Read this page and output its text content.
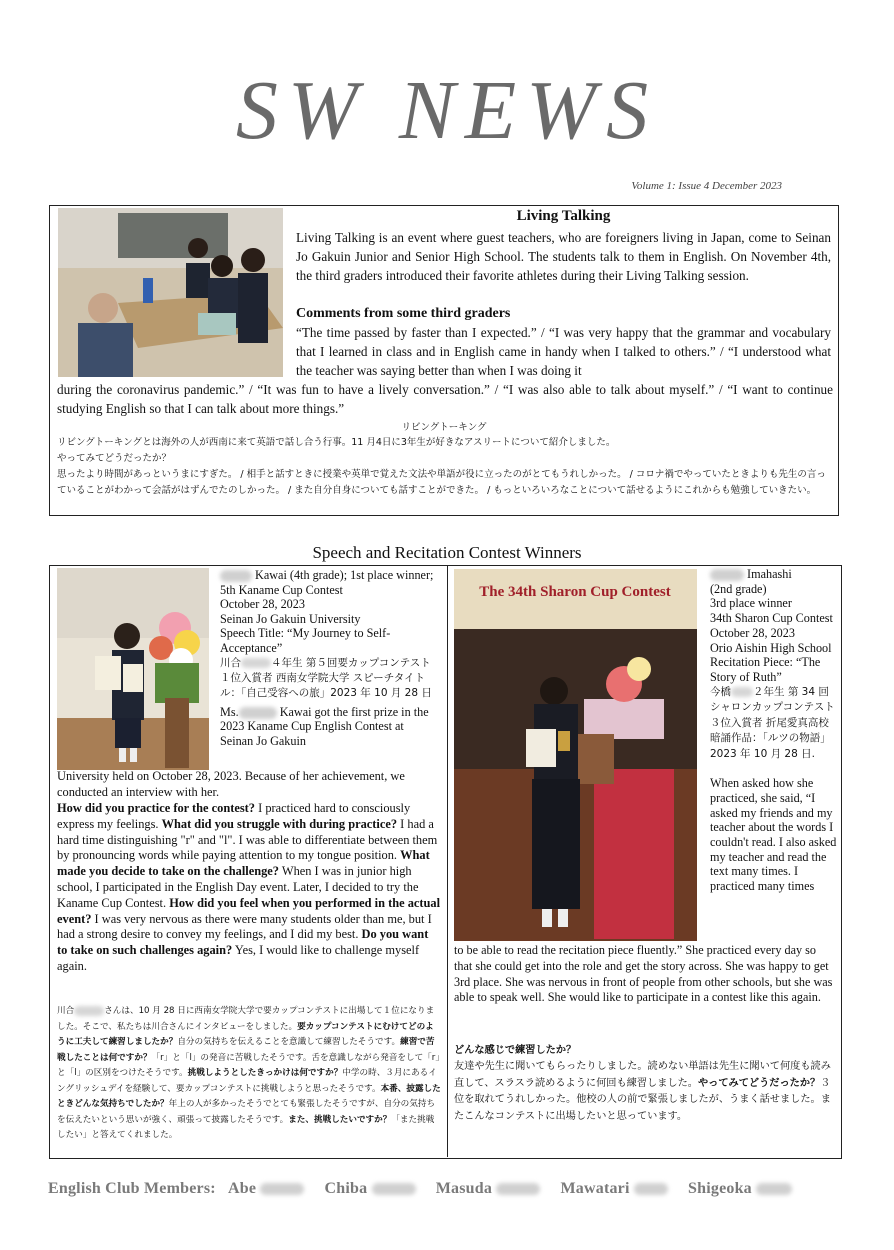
SW NEWS
Volume 1: Issue 4 December 2023
Living Talking
Living Talking is an event where guest teachers, who are foreigners living in Japan, come to Seinan Jo Gakuin Junior and Senior High School. The students talk to them in English. On November 4th, the third graders introduced their favorite athletes during their Living Talking session.
Comments from some third graders
“The time passed by faster than I expected.” / “I was very happy that the grammar and vocabulary that I learned in class and in English came in handy when I talked to others.” / “I understood what the teacher was saying better than when I was doing it
during the coronavirus pandemic.” / “It was fun to have a lively conversation.” / “I was also able to talk about myself.” / “I want to continue studying English so that I can talk about more things.”
リビングトーキング
リビングトーキングとは海外の人が西南に来て英語で話し合う行事。11 月4日に3年生が好きなアスリートについて紹介しました。
やってみてどうだったか？
思ったより時間があっというまにすぎた。 / 相手と話すときに授業や英単で覚えた文法や単語が役に立ったのがとてもうれしかった。 / コロナ禍でやっていたときよりも先生の言っていることがわかって会話がはずんでたのしかった。 / また自分自身についても話すことができた。 / もっといろいろなことについて話せるようにこれからも勉強していきたい。
Speech and Recitation Contest Winners
Kawai (4th grade); 1st place winner; 5th Kaname Cup Contest
October 28, 2023
Seinan Jo Gakuin University
Speech Title: “My Journey to Self-Acceptance”
川合	４年生 第５回要カップコンテスト１位入賞者 西南女学院大学 スピーチタイトル：「自己受容への旅」2023 年 10 月 28 日
Ms.	Kawai got the first prize in the 2023 Kaname Cup English Contest at Seinan Jo Gakuin
University held on October 28, 2023. Because of her achievement, we conducted an interview with her.
How did you practice for the contest? I practiced hard to consciously express my feelings. What did you struggle with during practice? I had a hard time distinguishing "r" and "l". I was able to differentiate between them by pronouncing words while paying attention to my tongue position. What made you decide to take on the challenge? When I was in junior high school, I participated in the English Day event. Later, I decided to try the Kaname Cup Contest. How did you feel when you performed in the actual event? I was very nervous as there were many students older than me, but I had a strong desire to convey my feelings, and I did my best. Do you want to take on such challenges again? Yes, I would like to challenge myself again.
川合	さんは、10 月 28 日に西南女学院大学で要カップコンテストに出場して１位になりました。そこで、私たちは川合さんにインタビューをしました。要カップコンテストにむけてどのように工夫して練習しましたか？自分の気持ちを伝えることを意識して練習したそうです。練習で苦戦したことは何ですか？「r」と「l」の発音に苦戦したそうです。舌を意識しながら発音をして「r」と「l」の区別をつけたそうです。挑戦しようとしたきっかけは何ですか？中学の時、３月にあるイングリッシュデイを経験して、要カップコンテストに挑戦しようと思ったそうです。本番、披露したときどんな気持ちでしたか？年上の人が多かったそうでとても緊張したそうですが、自分の気持ちを伝えたいという思いが強く、頑張って披露したそうです。また、挑戦したいですか？「また挑戦したい」と答えてくれました。
The 34th Sharon Cup Contest
Imahashi
(2nd grade)
3rd place winner
34th Sharon Cup Contest
October 28, 2023
Orio Aishin High School
Recitation Piece: “The Story of Ruth”
今橋 ２年生 第 34 回シャロンカップコンテスト３位入賞者 折尾愛真高校 暗誦作品：「ルツの物語」2023 年 10 月 28 日.
When asked how she practiced, she said, “I asked my friends and my teacher about the words I couldn't read. I also asked my teacher and read the text many times. I practiced many times
to be able to read the recitation piece fluently.” She practiced every day so that she could get into the role and get the story across. She was happy to get 3rd place. She was nervous in front of people from other schools, but she was able to speak well. She would like to participate in a contest like this again.
どんな感じで練習したか？
友達や先生に聞いてもらったりしました。読めない単語は先生に聞いて何度も読み直して、スラスラ読めるように何回も練習しました。やってみてどうだったか？３位を取れてうれしかった。他校の人の前で緊張しましたが、うまく話せました。またこんなコンテストに出場したいと思っています。
English Club Members: Abe	Chiba	Masuda	Mawatari	Shigeoka
